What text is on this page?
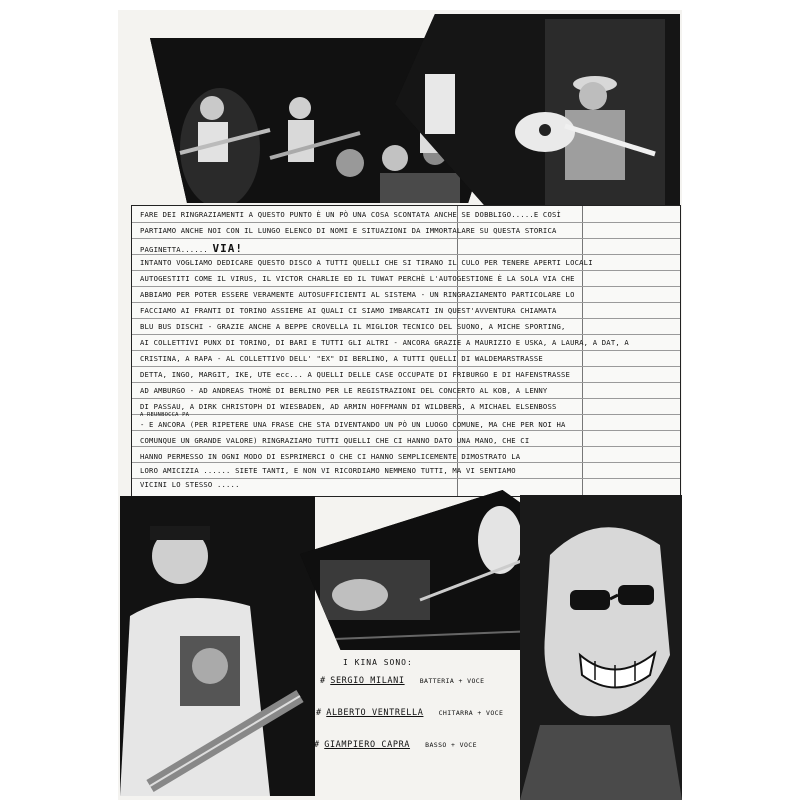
FARE DEI RINGRAZIAMENTI A QUESTO PUNTO È UN PÒ UNA COSA SCONTATA ANCHE SE DOBBLIGO.....E COSÌ
PARTIAMO ANCHE NOI CON IL LUNGO ELENCO DI NOMI E SITUAZIONI DA IMMORTALARE SU QUESTA STORICA
PAGINETTA...... VIA!
INTANTO VOGLIAMO DEDICARE QUESTO DISCO A TUTTI QUELLI CHE SI TIRANO IL CULO PER TENERE APERTI LOCALI
AUTOGESTITI COME IL VIRUS, IL VICTOR CHARLIE ED IL TUWAT PERCHÈ L'AUTOGESTIONE È LA SOLA VIA CHE
ABBIAMO PER POTER ESSERE VERAMENTE AUTOSUFFICIENTI AL SISTEMA - UN RINGRAZIAMENTO PARTICOLARE LO
FACCIAMO AI FRANTI DI TORINO ASSIEME AI QUALI CI SIAMO IMBARCATI IN QUEST'AVVENTURA CHIAMATA
BLU BUS DISCHI - GRAZIE ANCHE A BEPPE CROVELLA IL MIGLIOR TECNICO DEL SUONO, A MICHE SPORTING,
AI COLLETTIVI PUNX DI TORINO, DI BARI E TUTTI GLI ALTRI - ANCORA GRAZIE A MAURIZIO E USKA, A LAURA, A DAT, A
CRISTINA, A RAPA - AL COLLETTIVO DELL' "EX" DI BERLINO, A TUTTI QUELLI DI WALDEMARSTRASSE
DETTA, INGO, MARGIT, IKE, UTE ecc... A QUELLI DELLE CASE OCCUPATE DI FRIBURGO E DI HAFENSTRASSE
AD AMBURGO - AD ANDREAS THOMÈ DI BERLINO PER LE REGISTRAZIONI DEL CONCERTO AL KOB, A LENNY
DI PASSAU, A DIRK CHRISTOPH DI WIESBADEN, AD ARMIN HOFFMANN DI WILDBERG, A MICHAEL ELSENBOSS
A REUNBOCCA PA
- E ANCORA (PER RIPETERE UNA FRASE CHE STA DIVENTANDO UN PÒ UN LUOGO COMUNE, MA CHE PER NOI HA
COMUNQUE UN GRANDE VALORE) RINGRAZIAMO TUTTI QUELLI CHE CI HANNO DATO UNA MANO, CHE CI
HANNO PERMESSO IN OGNI MODO DI ESPRIMERCI O CHE CI HANNO SEMPLICEMENTE DIMOSTRATO LA
LORO AMICIZIA ...... SIETE TANTI, E NON VI RICORDIAMO NEMMENO TUTTI, MA VI SENTIAMO
VICINI LO STESSO .....
I KINA SONO:
# SERGIO MILANI BATTERIA + VOCE
# ALBERTO VENTRELLA CHITARRA + VOCE
# GIAMPIERO CAPRA BASSO + VOCE
